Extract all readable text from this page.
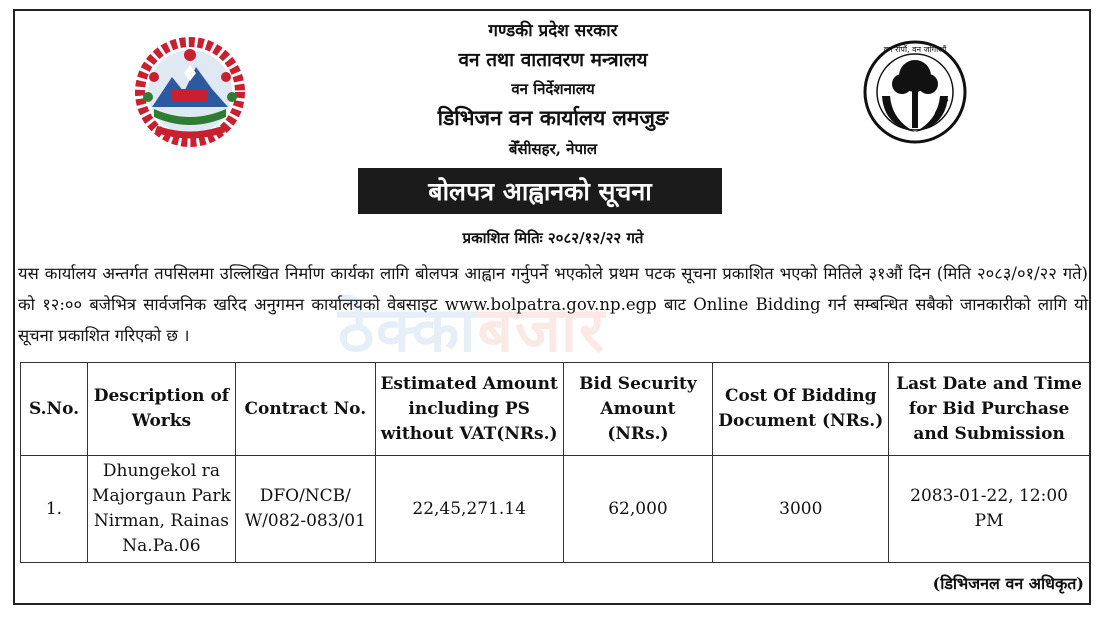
वन रोपौं, वन जोगाऔं
गण्डकी प्रदेश सरकार
वन तथा वातावरण मन्त्रालय
वन निर्देशनालय
डिभिजन वन कार्यालय लमजुङ
बेँसीसहर, नेपाल
बोलपत्र आह्वानको सूचना
प्रकाशित मितिः २०८२/१२/२२ गते
यस कार्यालय अन्तर्गत तपसिलमा उल्लिखित निर्माण कार्यका लागि बोलपत्र आह्वान गर्नुपर्ने भएकोले प्रथम पटक सूचना प्रकाशित भएको मितिले ३१औं दिन (मिति २०८३/०१/२२ गते) को १२:०० बजेभित्र सार्वजनिक खरिद अनुगमन कार्यालयको वेबसाइट www.bolpatra.gov.np.egp बाट Online Bidding गर्न सम्बन्धित सबैको जानकारीको लागि यो सूचना प्रकाशित गरिएको छ ।	ठेक्काबजार
S.No.	Description of Works	Contract No.	Estimated Amount including PS without VAT(NRs.)	Bid Security Amount (NRs.)	Cost Of Bidding Document (NRs.)	Last Date and Time for Bid Purchase and Submission
1.	Dhungekol ra Majorgaun Park Nirman, Rainas Na.Pa.06	DFO/NCB/ W/082-083/01	22,45,271.14	62,000	3000	2083-01-22, 12:00 PM
(डिभिजनल वन अधिकृत)
